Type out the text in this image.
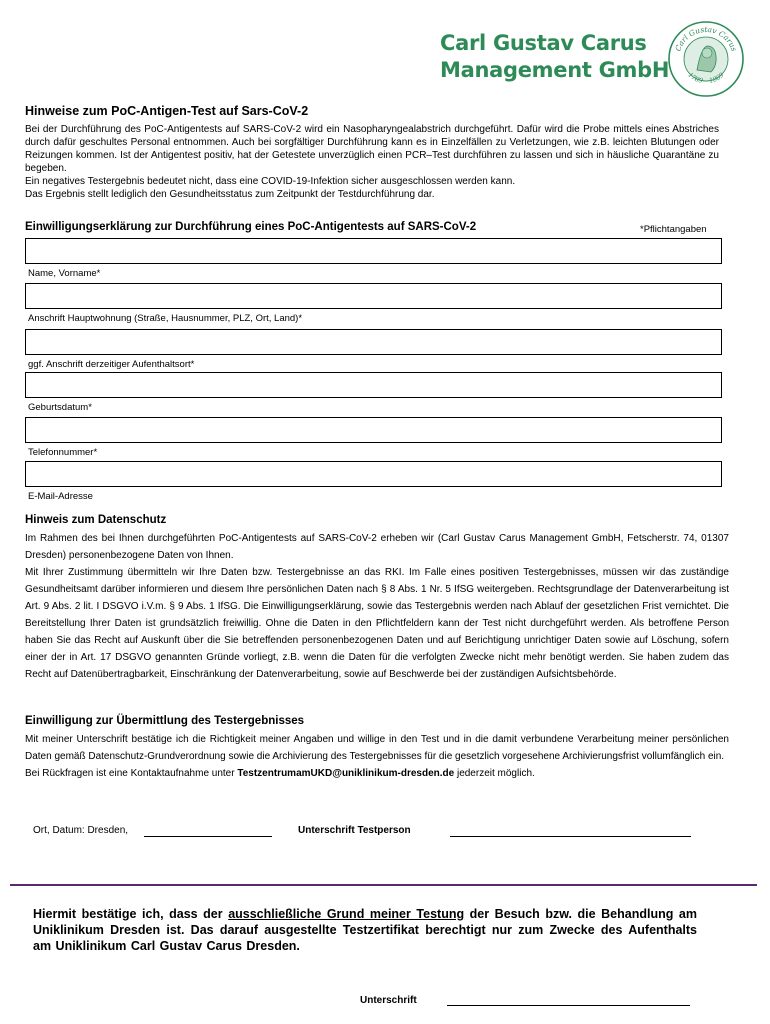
Carl Gustav Carus
Management GmbH
Carl Gustav Carus
1789 – 1869
Hinweise zum PoC-Antigen-Test auf Sars-CoV-2
Bei der Durchführung des PoC-Antigentests auf SARS-CoV-2 wird ein Nasopharyngealabstrich durchgeführt. Dafür wird die Probe mittels eines Abstriches durch dafür geschultes Personal entnommen. Auch bei sorgfältiger Durchführung kann es in Einzelfällen zu Verletzungen, wie z.B. leichten Blutungen oder Reizungen kommen. Ist der Antigentest positiv, hat der Getestete unverzüglich einen PCR–Test durchführen zu lassen und sich in häusliche Quarantäne zu begeben.
Ein negatives Testergebnis bedeutet nicht, dass eine COVID-19-Infektion sicher ausgeschlossen werden kann.
Das Ergebnis stellt lediglich den Gesundheitsstatus zum Zeitpunkt der Testdurchführung dar.
Einwilligungserklärung zur Durchführung eines PoC-Antigentests auf SARS-CoV-2	*Pflichtangaben
Name, Vorname*
Anschrift Hauptwohnung (Straße, Hausnummer, PLZ, Ort, Land)*
ggf. Anschrift derzeitiger Aufenthaltsort*
Geburtsdatum*
Telefonnummer*
E-Mail-Adresse
Hinweis zum Datenschutz

Im Rahmen des bei Ihnen durchgeführten PoC-Antigentests auf SARS-CoV-2 erheben wir (Carl Gustav Carus Management GmbH, Fetscherstr. 74, 01307 Dresden) personenbezogene Daten von Ihnen.

Mit Ihrer Zustimmung übermitteln wir Ihre Daten bzw. Testergebnisse an das RKI. Im Falle eines positiven Testergebnisses, müssen wir das zuständige Gesundheitsamt darüber informieren und diesem Ihre persönlichen Daten nach § 8 Abs. 1 Nr. 5 IfSG weitergeben. Rechtsgrundlage der Datenverarbeitung ist Art. 9 Abs. 2 lit. I DSGVO i.V.m. § 9 Abs. 1 IfSG. Die Einwilligungserklärung, sowie das Testergebnis werden nach Ablauf der gesetzlichen Frist vernichtet. Die Bereitstellung Ihrer Daten ist grundsätzlich freiwillig. Ohne die Daten in den Pflichtfeldern kann der Test nicht durchgeführt werden. Als betroffene Person haben Sie das Recht auf Auskunft über die Sie betreffenden personenbezogenen Daten und auf Berichtigung unrichtiger Daten sowie auf Löschung, sofern einer der in Art. 17 DSGVO genannten Gründe vorliegt, z.B. wenn die Daten für die verfolgten Zwecke nicht mehr benötigt werden. Sie haben zudem das Recht auf Datenübertragbarkeit, Einschränkung der Datenverarbeitung, sowie auf Beschwerde bei der zuständigen Aufsichtsbehörde.

Einwilligung zur Übermittlung des Testergebnisses

Mit meiner Unterschrift bestätige ich die Richtigkeit meiner Angaben und willige in den Test und in die damit verbundene Verarbeitung meiner persönlichen Daten gemäß Datenschutz-Grundverordnung sowie die Archivierung des Testergebnisses für die gesetzlich vorgesehene Archivierungsfrist vollumfänglich ein.

Bei Rückfragen ist eine Kontaktaufnahme unter TestzentrumamUKD@uniklinikum-dresden.de jederzeit möglich.

Ort, Datum: Dresden,	Unterschrift Testperson
Hiermit bestätige ich, dass der ausschließliche Grund meiner Testung der Besuch bzw. die Behandlung am Uniklinikum Dresden ist. Das darauf ausgestellte Testzertifikat berechtigt nur zum Zwecke des Aufenthalts am Uniklinikum Carl Gustav Carus Dresden.
Unterschrift
